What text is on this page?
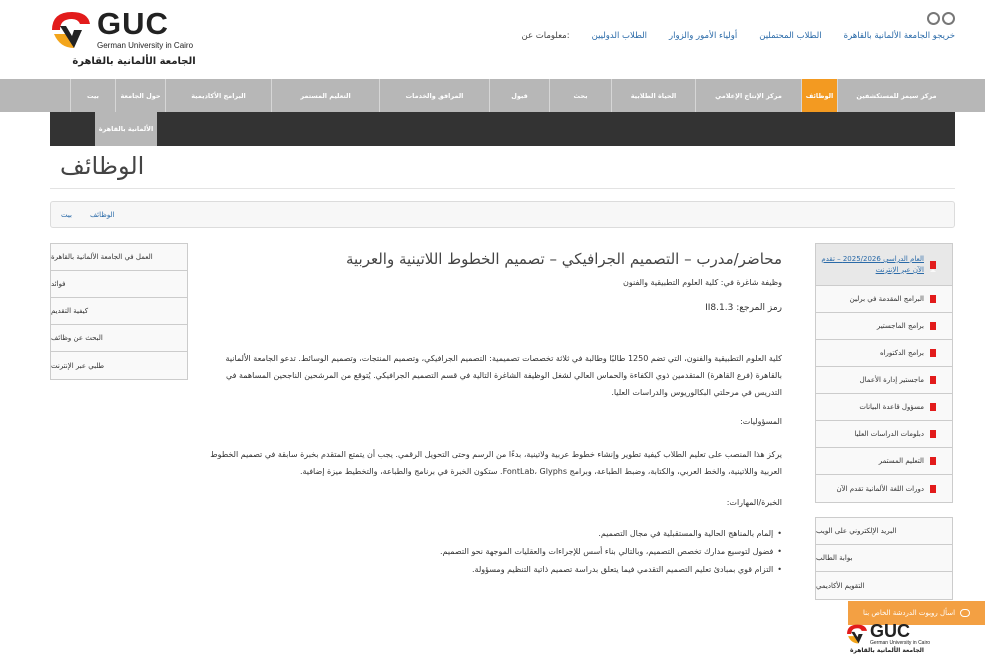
GUC
German University in Cairo
الجامعة الألمانية بالقاهرة
خريجو الجامعة الألمانية بالقاهرة
الطلاب المحتملين
أولياء الأمور والزوار
الطلاب الدوليين
:معلومات عن
مركز سيمز للمستكشفين
الوظائف
مركز الإنتاج الإعلامي
الحياة الطلابية
بحث
قبول
المرافق والخدمات
التعليم المستمر
البرامج الأكاديمية
حول الجامعة
بيت
الألمانية بالقاهرة
الوظائف
بيت	الوظائف
العمل في الجامعة الألمانية بالقاهرة
فوائد
كيفية التقديم
البحث عن وظائف
طلبي عبر الإنترنت
محاضر/مدرب – التصميم الجرافيكي – تصميم الخطوط اللاتينية والعربية
وظيفة شاغرة في: كلية العلوم التطبيقية والفنون
رمز المرجع: II8.1.3
كلية العلوم التطبيقية والفنون، التي تضم 1250 طالبًا وطالبة في ثلاثة تخصصات تصميمية: التصميم الجرافيكي، وتصميم المنتجات، وتصميم الوسائط. تدعو الجامعة الألمانية بالقاهرة (فرع القاهرة) المتقدمين ذوي الكفاءة والحماس العالي لشغل الوظيفة الشاغرة التالية في قسم التصميم الجرافيكي. يُتوقع من المرشحين الناجحين المساهمة في التدريس في مرحلتي البكالوريوس والدراسات العليا.
المسؤوليات:
يركز هذا المنصب على تعليم الطلاب كيفية تطوير وإنشاء خطوط عربية ولاتينية، بدءًا من الرسم وحتى التحويل الرقمي. يجب أن يتمتع المتقدم بخبرة سابقة في تصميم الخطوط العربية واللاتينية، والخط العربي، والكتابة، وضبط الطباعة، وبرامج FontLab، Glyphs. ستكون الخبرة في برنامج والطباعة، والتخطيط ميزة إضافية.
الخبرة/المهارات:
• إلمام بالمناهج الحالية والمستقبلية في مجال التصميم.
• فضول لتوسيع مدارك تخصص التصميم، وبالتالي بناء أسس للإجراءات والعقليات الموجهة نحو التصميم.
• التزام قوي بمبادئ تعليم التصميم التقدمي فيما يتعلق بدراسة تصميم ذاتية التنظيم ومسؤولة.
العام الدراسي 2025/2026 – تقدم الآن عبر الإنترنت
البرامج المقدمة في برلين
برامج الماجستير
برامج الدكتوراه
ماجستير إدارة الأعمال
مسؤول قاعدة البيانات
دبلومات الدراسات العليا
التعليم المستمر
دورات اللغة الألمانية تقدم الآن
البريد الإلكتروني على الويب
بوابة الطالب
التقويم الأكاديمي
اسأل روبوت الدردشة الخاص بنا
GUC
German University in Cairo
الجامعة الألمانية بالقاهرة
